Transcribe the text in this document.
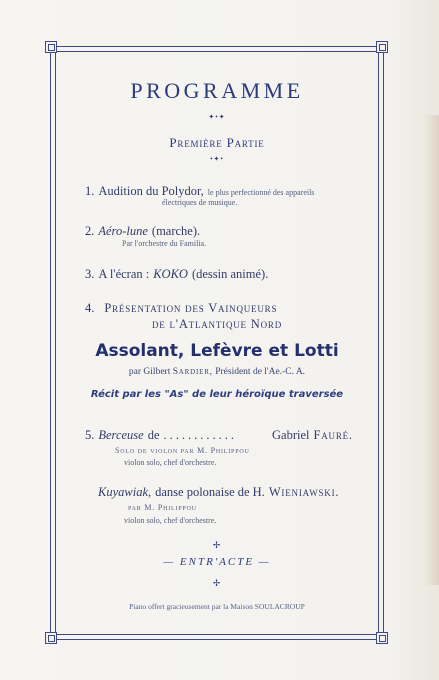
PROGRAMME
✦•✦
Première Partie
•✦•
1. Audition du Polydor, le plus perfectionné des appareils
électriques de musique.
2. Aéro-lune (marche).
Par l'orchestre du Familia.
3. A l'écran : KOKO (dessin animé).
4. Présentation des Vainqueurs
de l'Atlantique Nord
Assolant, Lefèvre et Lotti
par Gilbert Sardier, Président de l'Ae.-C. A.
Récit par les "As" de leur héroïque traversée
5. Berceuse de ............	Gabriel Fauré.
Solo de violon par M. Philippou
violon solo, chef d'orchestre.
Kuyawiak, danse polonaise de H. Wieniawski.
par M. Philippou
violon solo, chef d'orchestre.
✢
— ENTR'ACTE —
✢
Piano offert gracieusement par la Maison SOULACROUP
